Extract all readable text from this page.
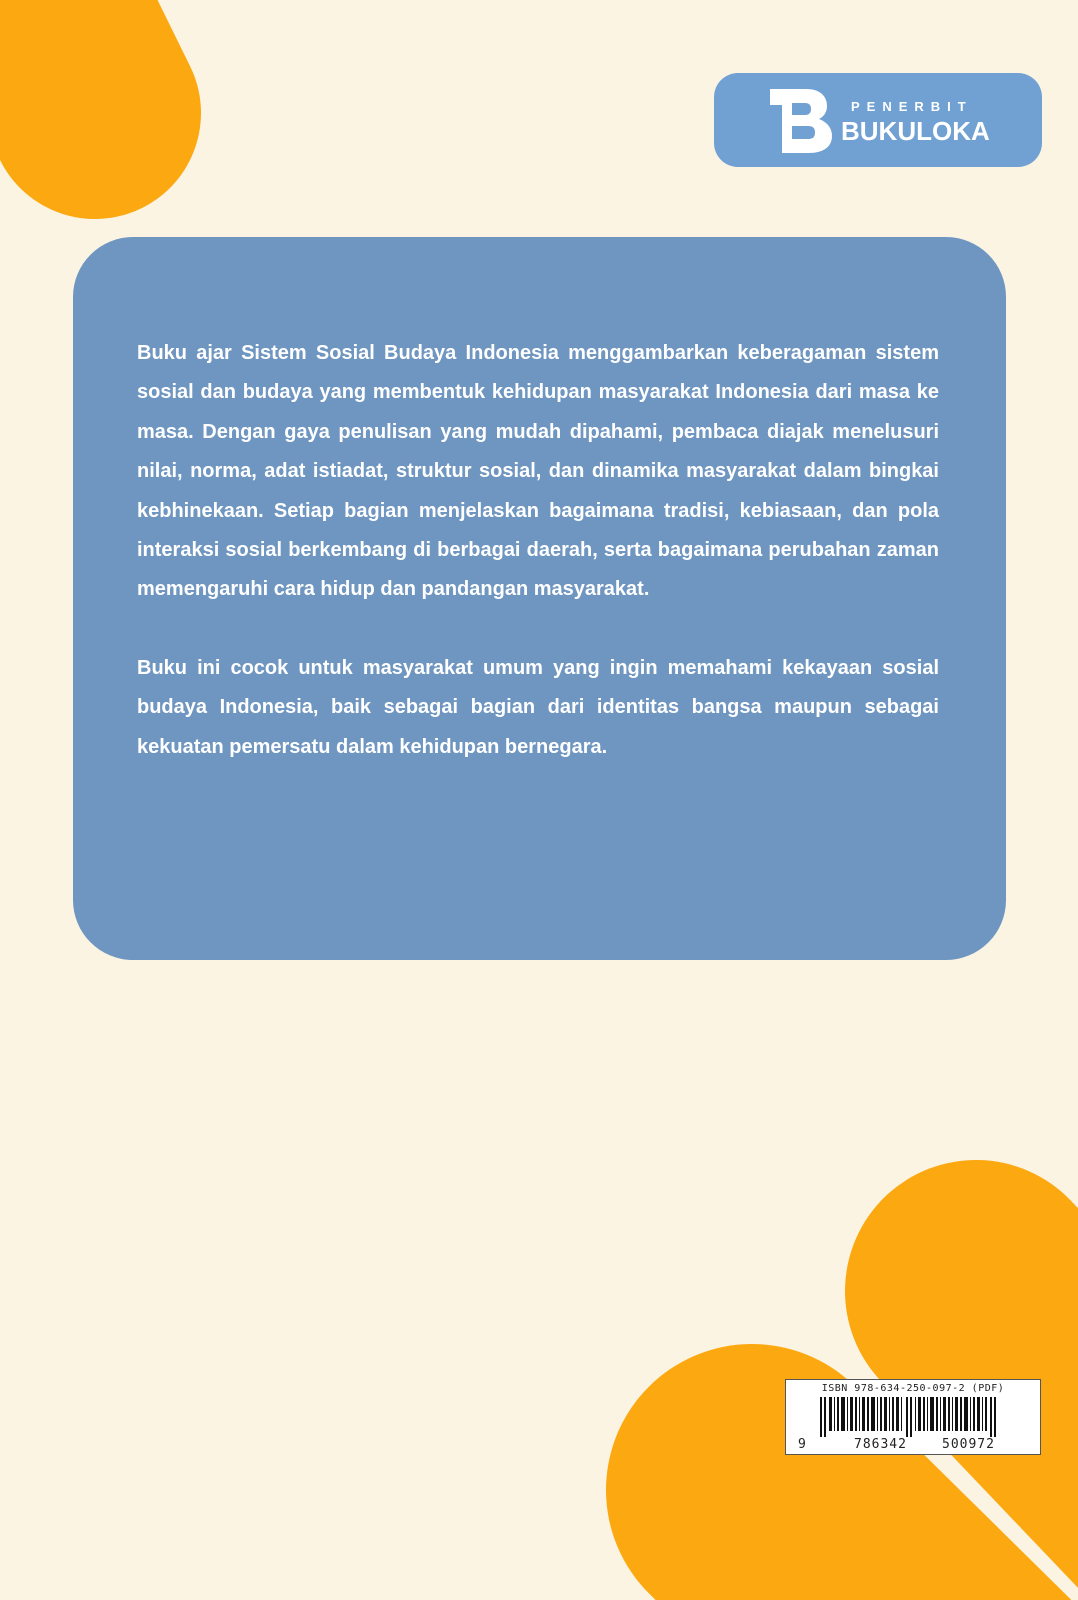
PENERBIT
BUKULOKA

Buku ajar Sistem Sosial Budaya Indonesia menggambarkan keberagaman sistem sosial dan budaya yang membentuk kehidupan masyarakat Indonesia dari masa ke masa. Dengan gaya penulisan yang mudah dipahami, pembaca diajak menelusuri nilai, norma, adat istiadat, struktur sosial, dan dinamika masyarakat dalam bingkai kebhinekaan. Setiap bagian menjelaskan bagaimana tradisi, kebiasaan, dan pola interaksi sosial berkembang di berbagai daerah, serta bagaimana perubahan zaman memengaruhi cara hidup dan pandangan masyarakat.

Buku ini cocok untuk masyarakat umum yang ingin memahami kekayaan sosial budaya Indonesia, baik sebagai bagian dari identitas bangsa maupun sebagai kekuatan pemersatu dalam kehidupan bernegara.

ISBN 978-634-250-097-2 (PDF)
9	786342	500972
